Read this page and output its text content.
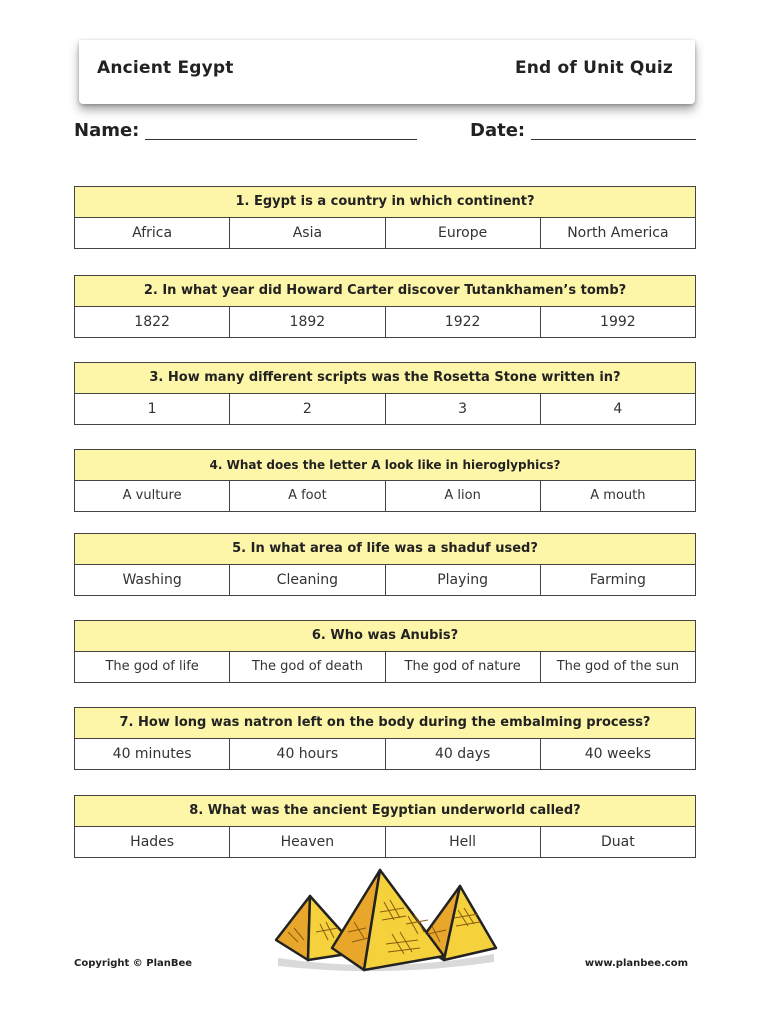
Ancient Egypt	End of Unit Quiz
Name:	Date:
1. Egypt is a country in which continent?
Africa	Asia	Europe	North America
2. In what year did Howard Carter discover Tutankhamen’s tomb?
1822	1892	1922	1992
3. How many different scripts was the Rosetta Stone written in?
1	2	3	4
4. What does the letter A look like in hieroglyphics?
A vulture	A foot	A lion	A mouth
5. In what area of life was a shaduf used?
Washing	Cleaning	Playing	Farming
6. Who was Anubis?
The god of life	The god of death	The god of nature	The god of the sun
7. How long was natron left on the body during the embalming process?
40 minutes	40 hours	40 days	40 weeks
8. What was the ancient Egyptian underworld called?
Hades	Heaven	Hell	Duat
Copyright © PlanBee	www.planbee.com
